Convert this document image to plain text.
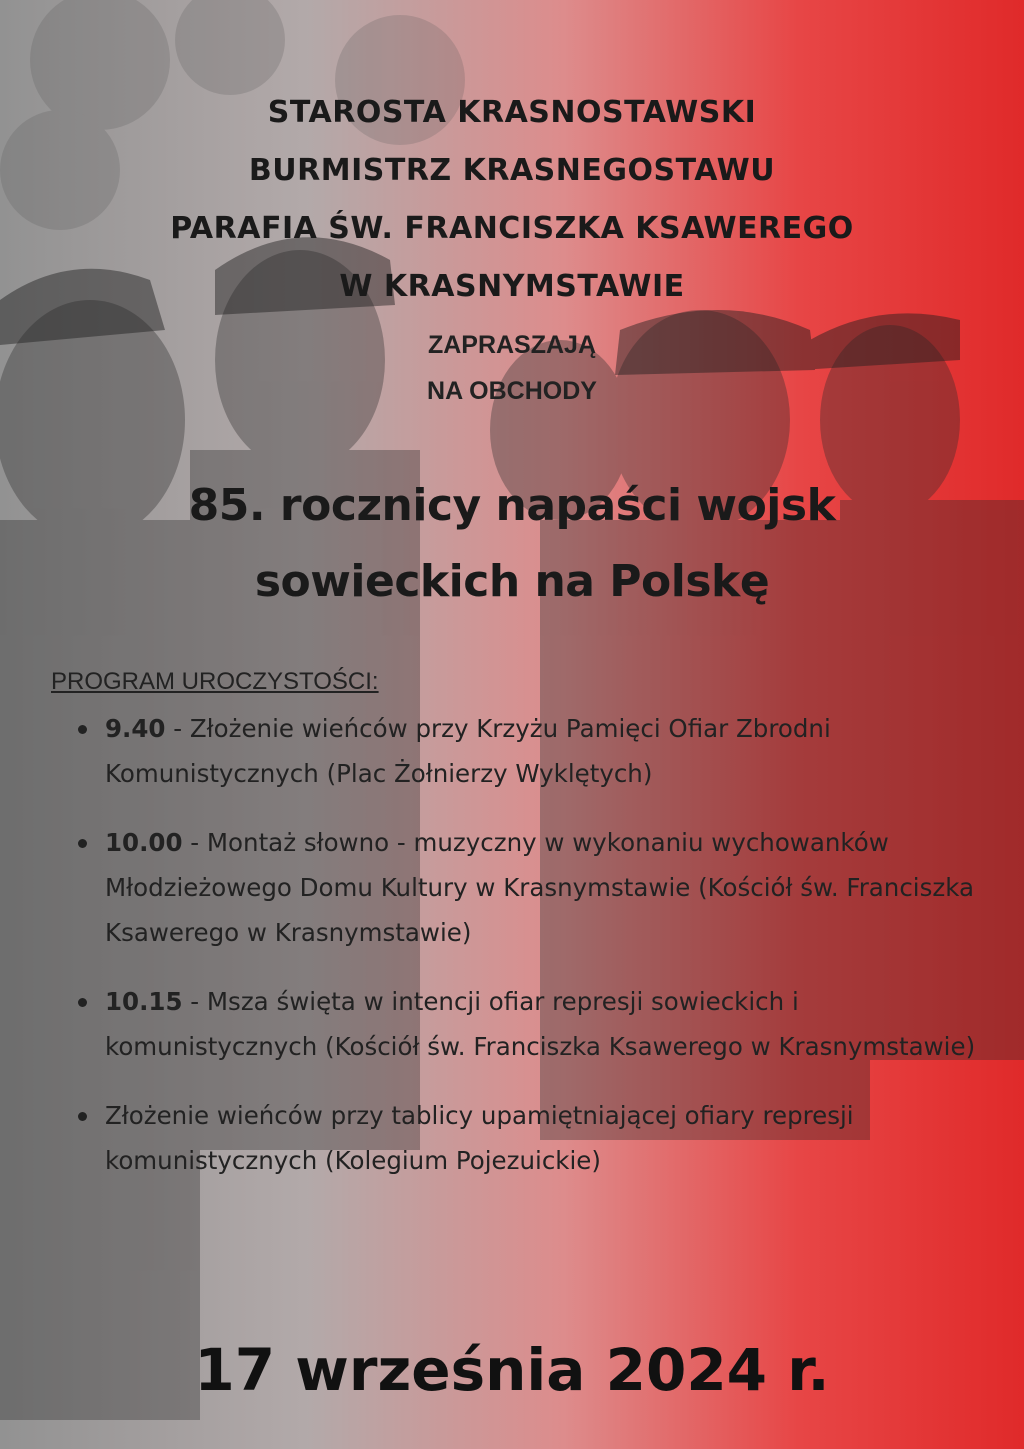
STAROSTA KRASNOSTAWSKI
BURMISTRZ KRASNEGOSTAWU
PARAFIA ŚW. FRANCISZKA KSAWEREGO
W KRASNYMSTAWIE
ZAPRASZAJĄ
NA OBCHODY
85. rocznicy napaści wojsk
sowieckich na Polskę
PROGRAM UROCZYSTOŚCI:
9.40 - Złożenie wieńców przy Krzyżu Pamięci Ofiar Zbrodni Komunistycznych (Plac Żołnierzy Wyklętych)
10.00 - Montaż słowno - muzyczny w wykonaniu wychowanków Młodzieżowego Domu Kultury w Krasnymstawie (Kościół św. Franciszka Ksawerego w Krasnymstawie)
10.15 - Msza święta w intencji ofiar represji sowieckich i komunistycznych (Kościół św. Franciszka Ksawerego w Krasnymstawie)
Złożenie wieńców przy tablicy upamiętniającej ofiary represji komunistycznych (Kolegium Pojezuickie)
17 września 2024 r.
